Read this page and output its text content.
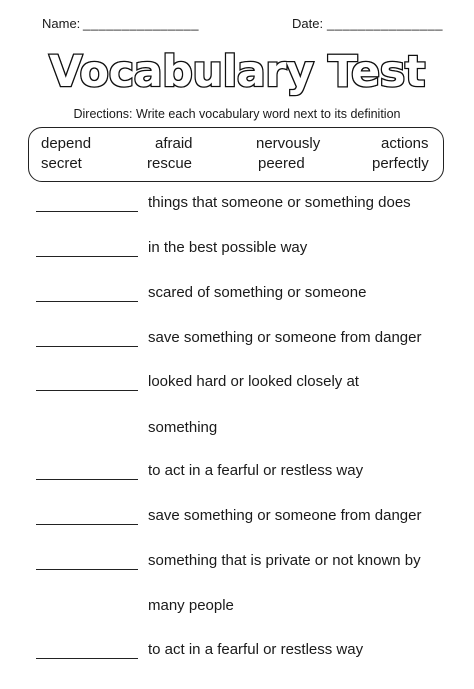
Name: _______________	Date: _______________
Vocabulary Test
Directions: Write each vocabulary word next to its definition
depend	afraid	nervously	actions
secret	rescue	peered	perfectly
things that someone or something does
in the best possible way
scared of something or someone
save something or someone from danger
looked hard or looked closely at
something
to act in a fearful or restless way
save something or someone from danger
something that is private or not known by
many people
to act in a fearful or restless way
